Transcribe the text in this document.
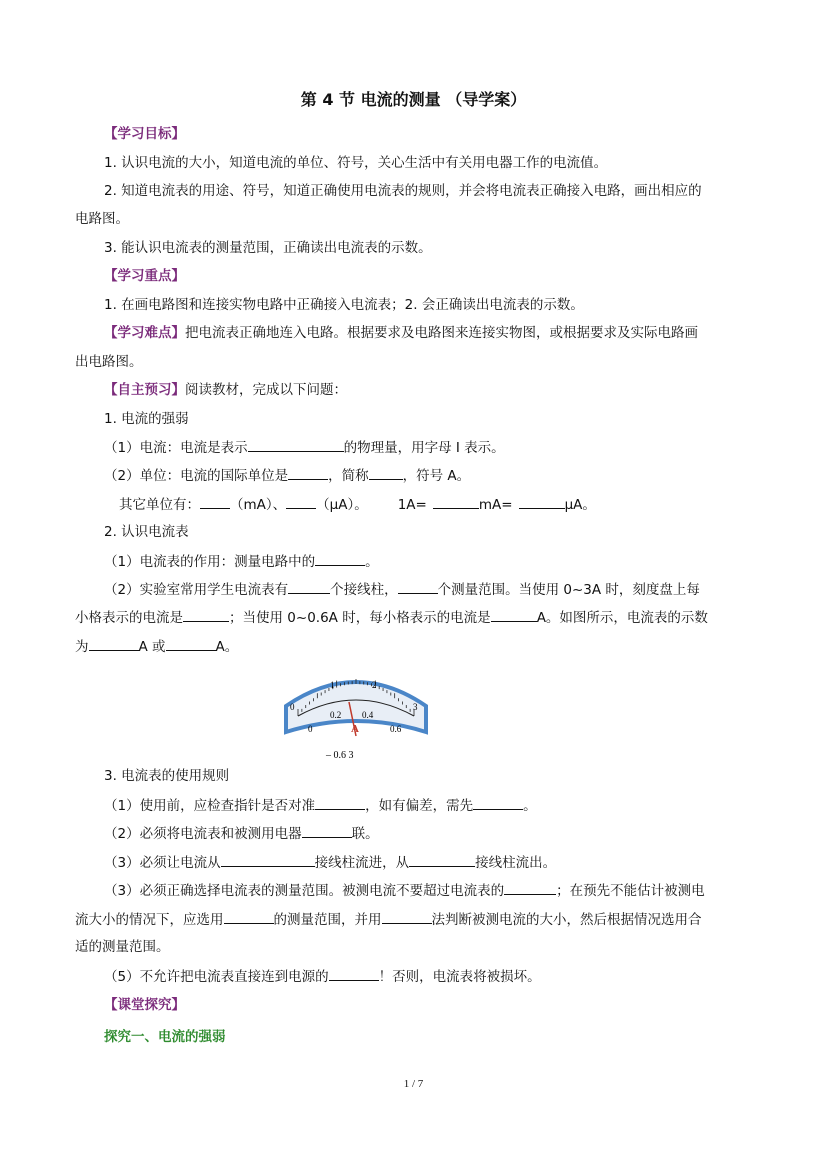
第 4 节 电流的测量 （导学案）
【学习目标】
1. 认识电流的大小，知道电流的单位、符号，关心生活中有关用电器工作的电流值。
2. 知道电流表的用途、符号，知道正确使用电流表的规则，并会将电流表正确接入电路，画出相应的
电路图。
3. 能认识电流表的测量范围，正确读出电流表的示数。
【学习重点】
1. 在画电路图和连接实物电路中正确接入电流表；2. 会正确读出电流表的示数。
【学习难点】把电流表正确地连入电路。根据要求及电路图来连接实物图，或根据要求及实际电路画
出电路图。
【自主预习】阅读教材，完成以下问题：
1. 电流的强弱
（1）电流：电流是表示	的物理量，用字母 I 表示。
（2）单位：电流的国际单位是	，简称	，符号 A。
其它单位有： （mA）、 （μA）。 1A=	mA=	μA。
2. 认识电流表
（1）电流表的作用：测量电路中的	。
（2）实验室常用学生电流表有	个接线柱，	个测量范围。当使用 0~3A 时，刻度盘上每
小格表示的电流是	；当使用 0~0.6A 时，每小格表示的电流是	A。如图所示，电流表的示数
为	A 或	A。
0
1	2
3
0
0.2 0.4
0.6
A
– 0.6 3
3. 电流表的使用规则
（1）使用前，应检查指针是否对准	，如有偏差，需先	。
（2）必须将电流表和被测用电器	联。
（3）必须让电流从	接线柱流进，从	接线柱流出。
（3）必须正确选择电流表的测量范围。被测电流不要超过电流表的	；在预先不能估计被测电
流大小的情况下，应选用	的测量范围，并用	法判断被测电流的大小，然后根据情况选用合
适的测量范围。
（5）不允许把电流表直接连到电源的	！否则，电流表将被损坏。
【课堂探究】
探究一、电流的强弱
1 / 7
